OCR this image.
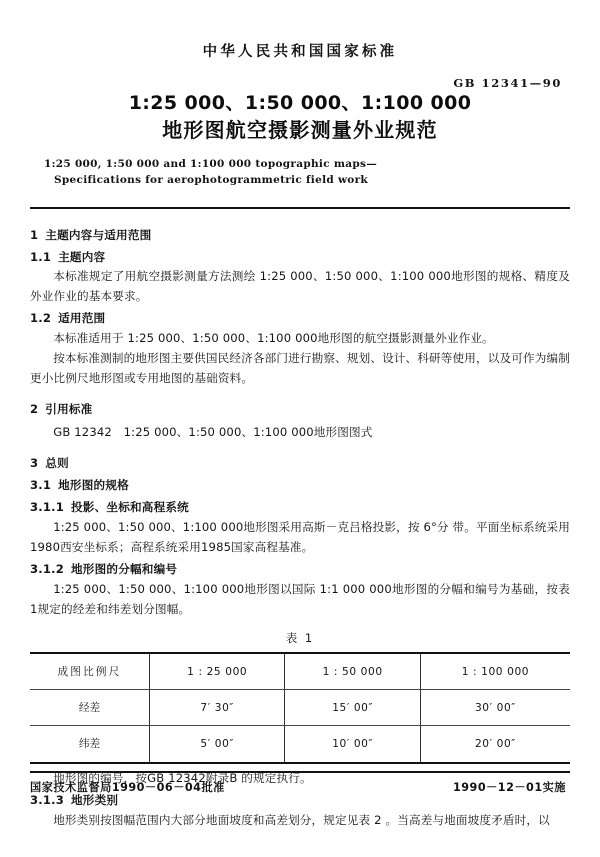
中华人民共和国国家标准
1:25 000、1:50 000、1:100 000
地形图航空摄影测量外业规范
GB 12341—90
1:25 000, 1:50 000 and 1:100 000 topographic maps—
Specifications for aerophotogrammetric field work
1 主题内容与适用范围
1.1 主题内容
本标准规定了用航空摄影测量方法测绘 1:25 000、1:50 000、1:100 000地形图的规格、精度及外业作业的基本要求。
1.2 适用范围
本标准适用于 1:25 000、1:50 000、1:100 000地形图的航空摄影测量外业作业。
按本标准测制的地形图主要供国民经济各部门进行勘察、规划、设计、科研等使用，以及可作为编制更小比例尺地形图或专用地图的基础资料。
2 引用标准
GB 12342　1:25 000、1:50 000、1:100 000地形图图式
3 总则
3.1 地形图的规格
3.1.1 投影、坐标和高程系统
1:25 000、1:50 000、1:100 000地形图采用高斯－克吕格投影，按 6°分 带。平面坐标系统采用1980西安坐标系；高程系统采用1985国家高程基准。
3.1.2 地形图的分幅和编号
1:25 000、1:50 000、1:100 000地形图以国际 1:1 000 000地形图的分幅和编号为基础，按表 1规定的经差和纬差划分图幅。
表 1
成图比例尺	1 : 25 000	1 : 50 000	1 : 100 000
经差	7′ 30″	15′ 00″	30′ 00″
纬差	5′ 00″	10′ 00″	20′ 00″
地形图的编号，按GB 12342附录B 的规定执行。
3.1.3 地形类别
地形类别按图幅范围内大部分地面坡度和高差划分，规定见表 2 。当高差与地面坡度矛盾时，以
国家技术监督局1990－06－04批准	1990－12－01实施
